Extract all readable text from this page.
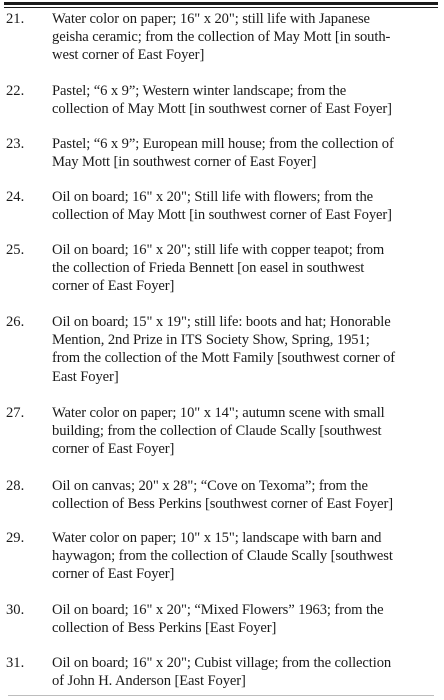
21. Water color on paper; 16" x 20"; still life with Japanese
geisha ceramic; from the collection of May Mott [in south-
west corner of East Foyer]
22. Pastel; “6 x 9”; Western winter landscape; from the
collection of May Mott [in southwest corner of East Foyer]
23. Pastel; “6 x 9”; European mill house; from the collection of
May Mott [in southwest corner of East Foyer]
24. Oil on board; 16" x 20"; Still life with flowers; from the
collection of May Mott [in southwest corner of East Foyer]
25. Oil on board; 16" x 20"; still life with copper teapot; from
the collection of Frieda Bennett [on easel in southwest
corner of East Foyer]
26. Oil on board; 15" x 19"; still life: boots and hat; Honorable
Mention, 2nd Prize in ITS Society Show, Spring, 1951;
from the collection of the Mott Family [southwest corner of
East Foyer]
27. Water color on paper; 10" x 14"; autumn scene with small
building; from the collection of Claude Scally [southwest
corner of East Foyer]
28. Oil on canvas; 20" x 28"; “Cove on Texoma”; from the
collection of Bess Perkins [southwest corner of East Foyer]
29. Water color on paper; 10" x 15"; landscape with barn and
haywagon; from the collection of Claude Scally [southwest
corner of East Foyer]
30. Oil on board; 16" x 20"; “Mixed Flowers” 1963; from the
collection of Bess Perkins [East Foyer]
31. Oil on board; 16" x 20"; Cubist village; from the collection
of John H. Anderson [East Foyer]
